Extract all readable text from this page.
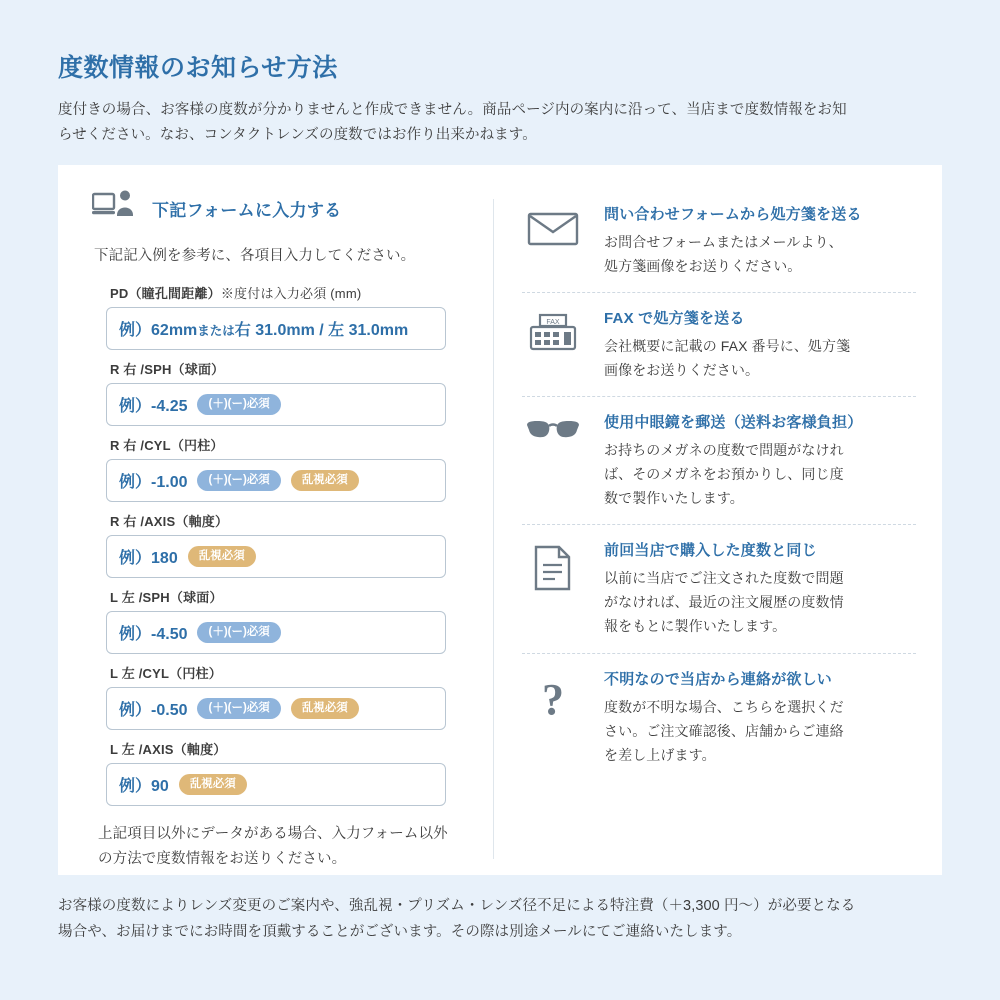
度数情報のお知らせ方法
度付きの場合、お客様の度数が分かりませんと作成できません。商品ページ内の案内に沿って、当店まで度数情報をお知
らせください。なお、コンタクトレンズの度数ではお作り出来かねます。
下記フォームに入力する
下記記入例を参考に、各項目入力してください。
PD（瞳孔間距離）※度付は入力必須 (mm)
例）62mmまたは右 31.0mm / 左 31.0mm
R 右 /SPH（球面）
例）-4.25	(＋)(ー)必須
R 右 /CYL（円柱）
例）-1.00	(＋)(ー)必須	乱視必須
R 右 /AXIS（軸度）
例）180	乱視必須
L 左 /SPH（球面）
例）-4.50	(＋)(ー)必須
L 左 /CYL（円柱）
例）-0.50	(＋)(ー)必須	乱視必須
L 左 /AXIS（軸度）
例）90	乱視必須
上記項目以外にデータがある場合、入力フォーム以外
の方法で度数情報をお送りください。
問い合わせフォームから処方箋を送る
お問合せフォームまたはメールより、
処方箋画像をお送りください。
FAX	FAX で処方箋を送る
会社概要に記載の FAX 番号に、処方箋
画像をお送りください。
使用中眼鏡を郵送（送料お客様負担）
お持ちのメガネの度数で問題がなけれ
ば、そのメガネをお預かりし、同じ度
数で製作いたします。
前回当店で購入した度数と同じ
以前に当店でご注文された度数で問題
がなければ、最近の注文履歴の度数情
報をもとに製作いたします。
?	不明なので当店から連絡が欲しい
度数が不明な場合、こちらを選択くだ
さい。ご注文確認後、店舗からご連絡
を差し上げます。
お客様の度数によりレンズ変更のご案内や、強乱視・プリズム・レンズ径不足による特注費（＋3,300 円〜）が必要となる
場合や、お届けまでにお時間を頂戴することがございます。その際は別途メールにてご連絡いたします。
